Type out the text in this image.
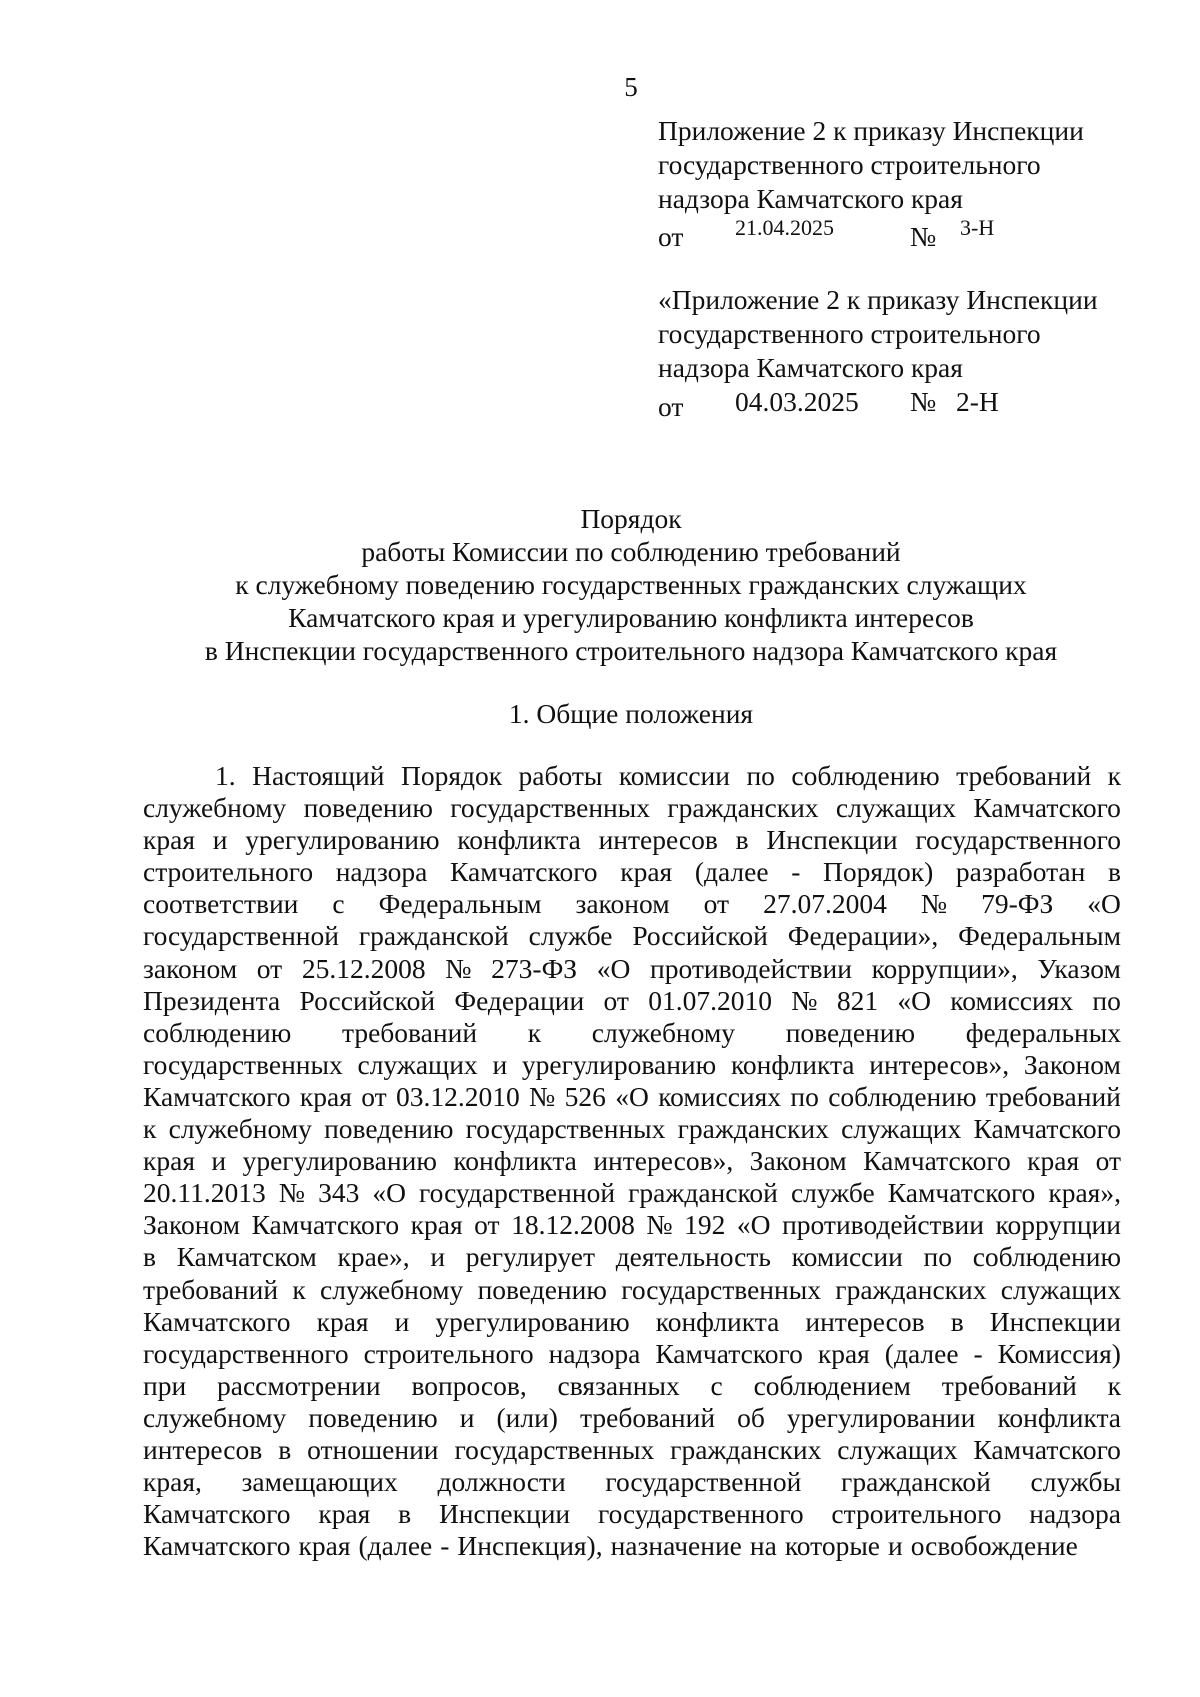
5
Приложение 2 к приказу Инспекции
государственного строительного
надзора Камчатского края
от 21.04.2025	№ 3-Н
«Приложение 2 к приказу Инспекции
государственного строительного
надзора Камчатского края
от 04.03.2025 № 2-Н
Порядок
работы Комиссии по соблюдению требований
к служебному поведению государственных гражданских служащих
Камчатского края и урегулированию конфликта интересов
в Инспекции государственного строительного надзора Камчатского края
1. Общие положения
1. Настоящий Порядок работы комиссии по соблюдению требований к
служебному поведению государственных гражданских служащих Камчатского
края и урегулированию конфликта интересов в Инспекции государственного
строительного надзора Камчатского края (далее - Порядок) разработан в
соответствии с Федеральным законом от 27.07.2004 № 79-ФЗ «О
государственной гражданской службе Российской Федерации», Федеральным
законом от 25.12.2008 № 273-ФЗ «О противодействии коррупции», Указом
Президента Российской Федерации от 01.07.2010 № 821 «О комиссиях по
соблюдению требований к служебному поведению федеральных
государственных служащих и урегулированию конфликта интересов», Законом
Камчатского края от 03.12.2010 № 526 «О комиссиях по соблюдению требований
к служебному поведению государственных гражданских служащих Камчатского
края и урегулированию конфликта интересов», Законом Камчатского края от
20.11.2013 № 343 «О государственной гражданской службе Камчатского края»,
Законом Камчатского края от 18.12.2008 № 192 «О противодействии коррупции
в Камчатском крае», и регулирует деятельность комиссии по соблюдению
требований к служебному поведению государственных гражданских служащих
Камчатского края и урегулированию конфликта интересов в Инспекции
государственного строительного надзора Камчатского края (далее - Комиссия)
при рассмотрении вопросов, связанных с соблюдением требований к
служебному поведению и (или) требований об урегулировании конфликта
интересов в отношении государственных гражданских служащих Камчатского
края, замещающих должности государственной гражданской службы
Камчатского края в Инспекции государственного строительного надзора
Камчатского края (далее - Инспекция), назначение на которые и освобождение
